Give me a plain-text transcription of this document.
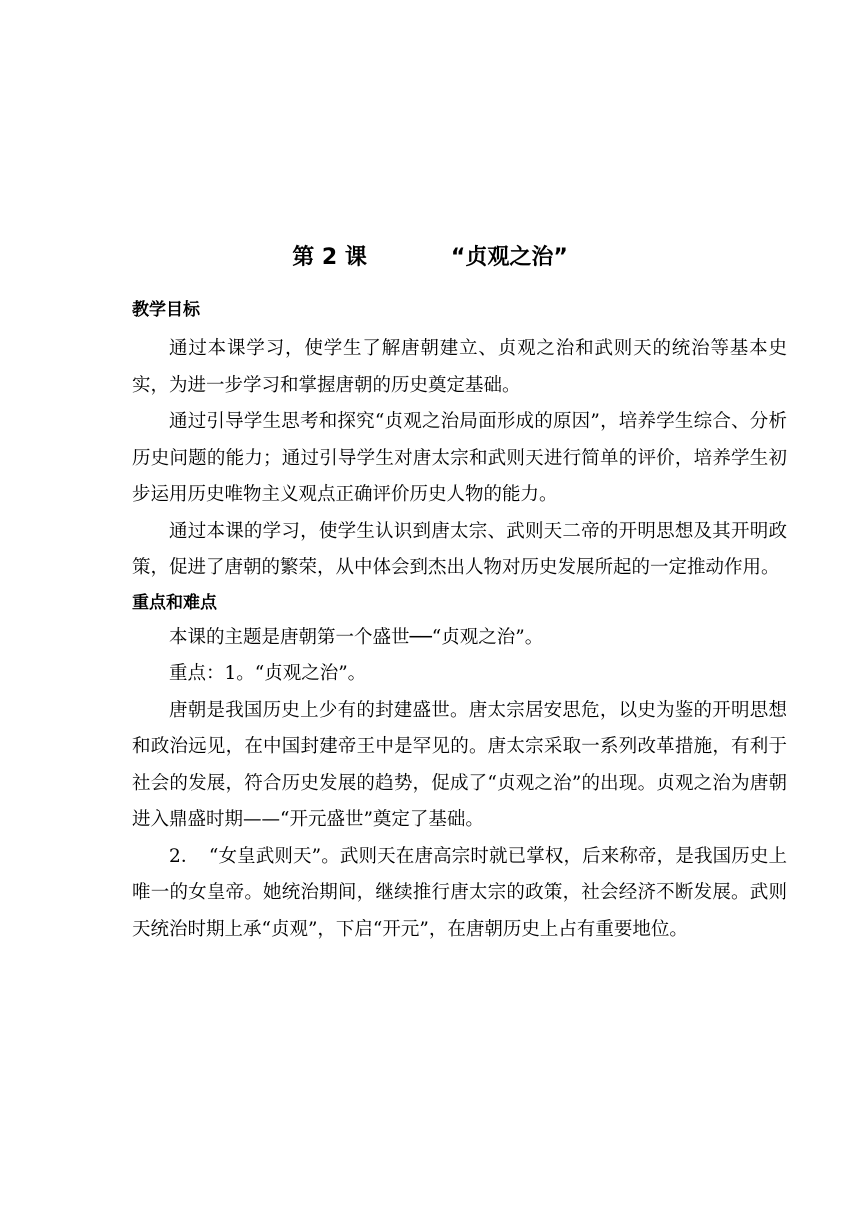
第 2 课	“贞观之治”
教学目标

通过本课学习，使学生了解唐朝建立、贞观之治和武则天的统治等基本史实，为进一步学习和掌握唐朝的历史奠定基础。

通过引导学生思考和探究“贞观之治局面形成的原因”，培养学生综合、分析历史问题的能力；通过引导学生对唐太宗和武则天进行简单的评价，培养学生初步运用历史唯物主义观点正确评价历史人物的能力。

通过本课的学习，使学生认识到唐太宗、武则天二帝的开明思想及其开明政策，促进了唐朝的繁荣，从中体会到杰出人物对历史发展所起的一定推动作用。

重点和难点

本课的主题是唐朝第一个盛世──“贞观之治”。

重点：1。“贞观之治”。

唐朝是我国历史上少有的封建盛世。唐太宗居安思危，以史为鉴的开明思想和政治远见，在中国封建帝王中是罕见的。唐太宗采取一系列改革措施，有利于社会的发展，符合历史发展的趋势，促成了“贞观之治”的出现。贞观之治为唐朝进入鼎盛时期——“开元盛世”奠定了基础。

2．　“女皇武则天”。武则天在唐高宗时就已掌权，后来称帝，是我国历史上唯一的女皇帝。她统治期间，继续推行唐太宗的政策，社会经济不断发展。武则天统治时期上承“贞观”，下启“开元”，在唐朝历史上占有重要地位。
